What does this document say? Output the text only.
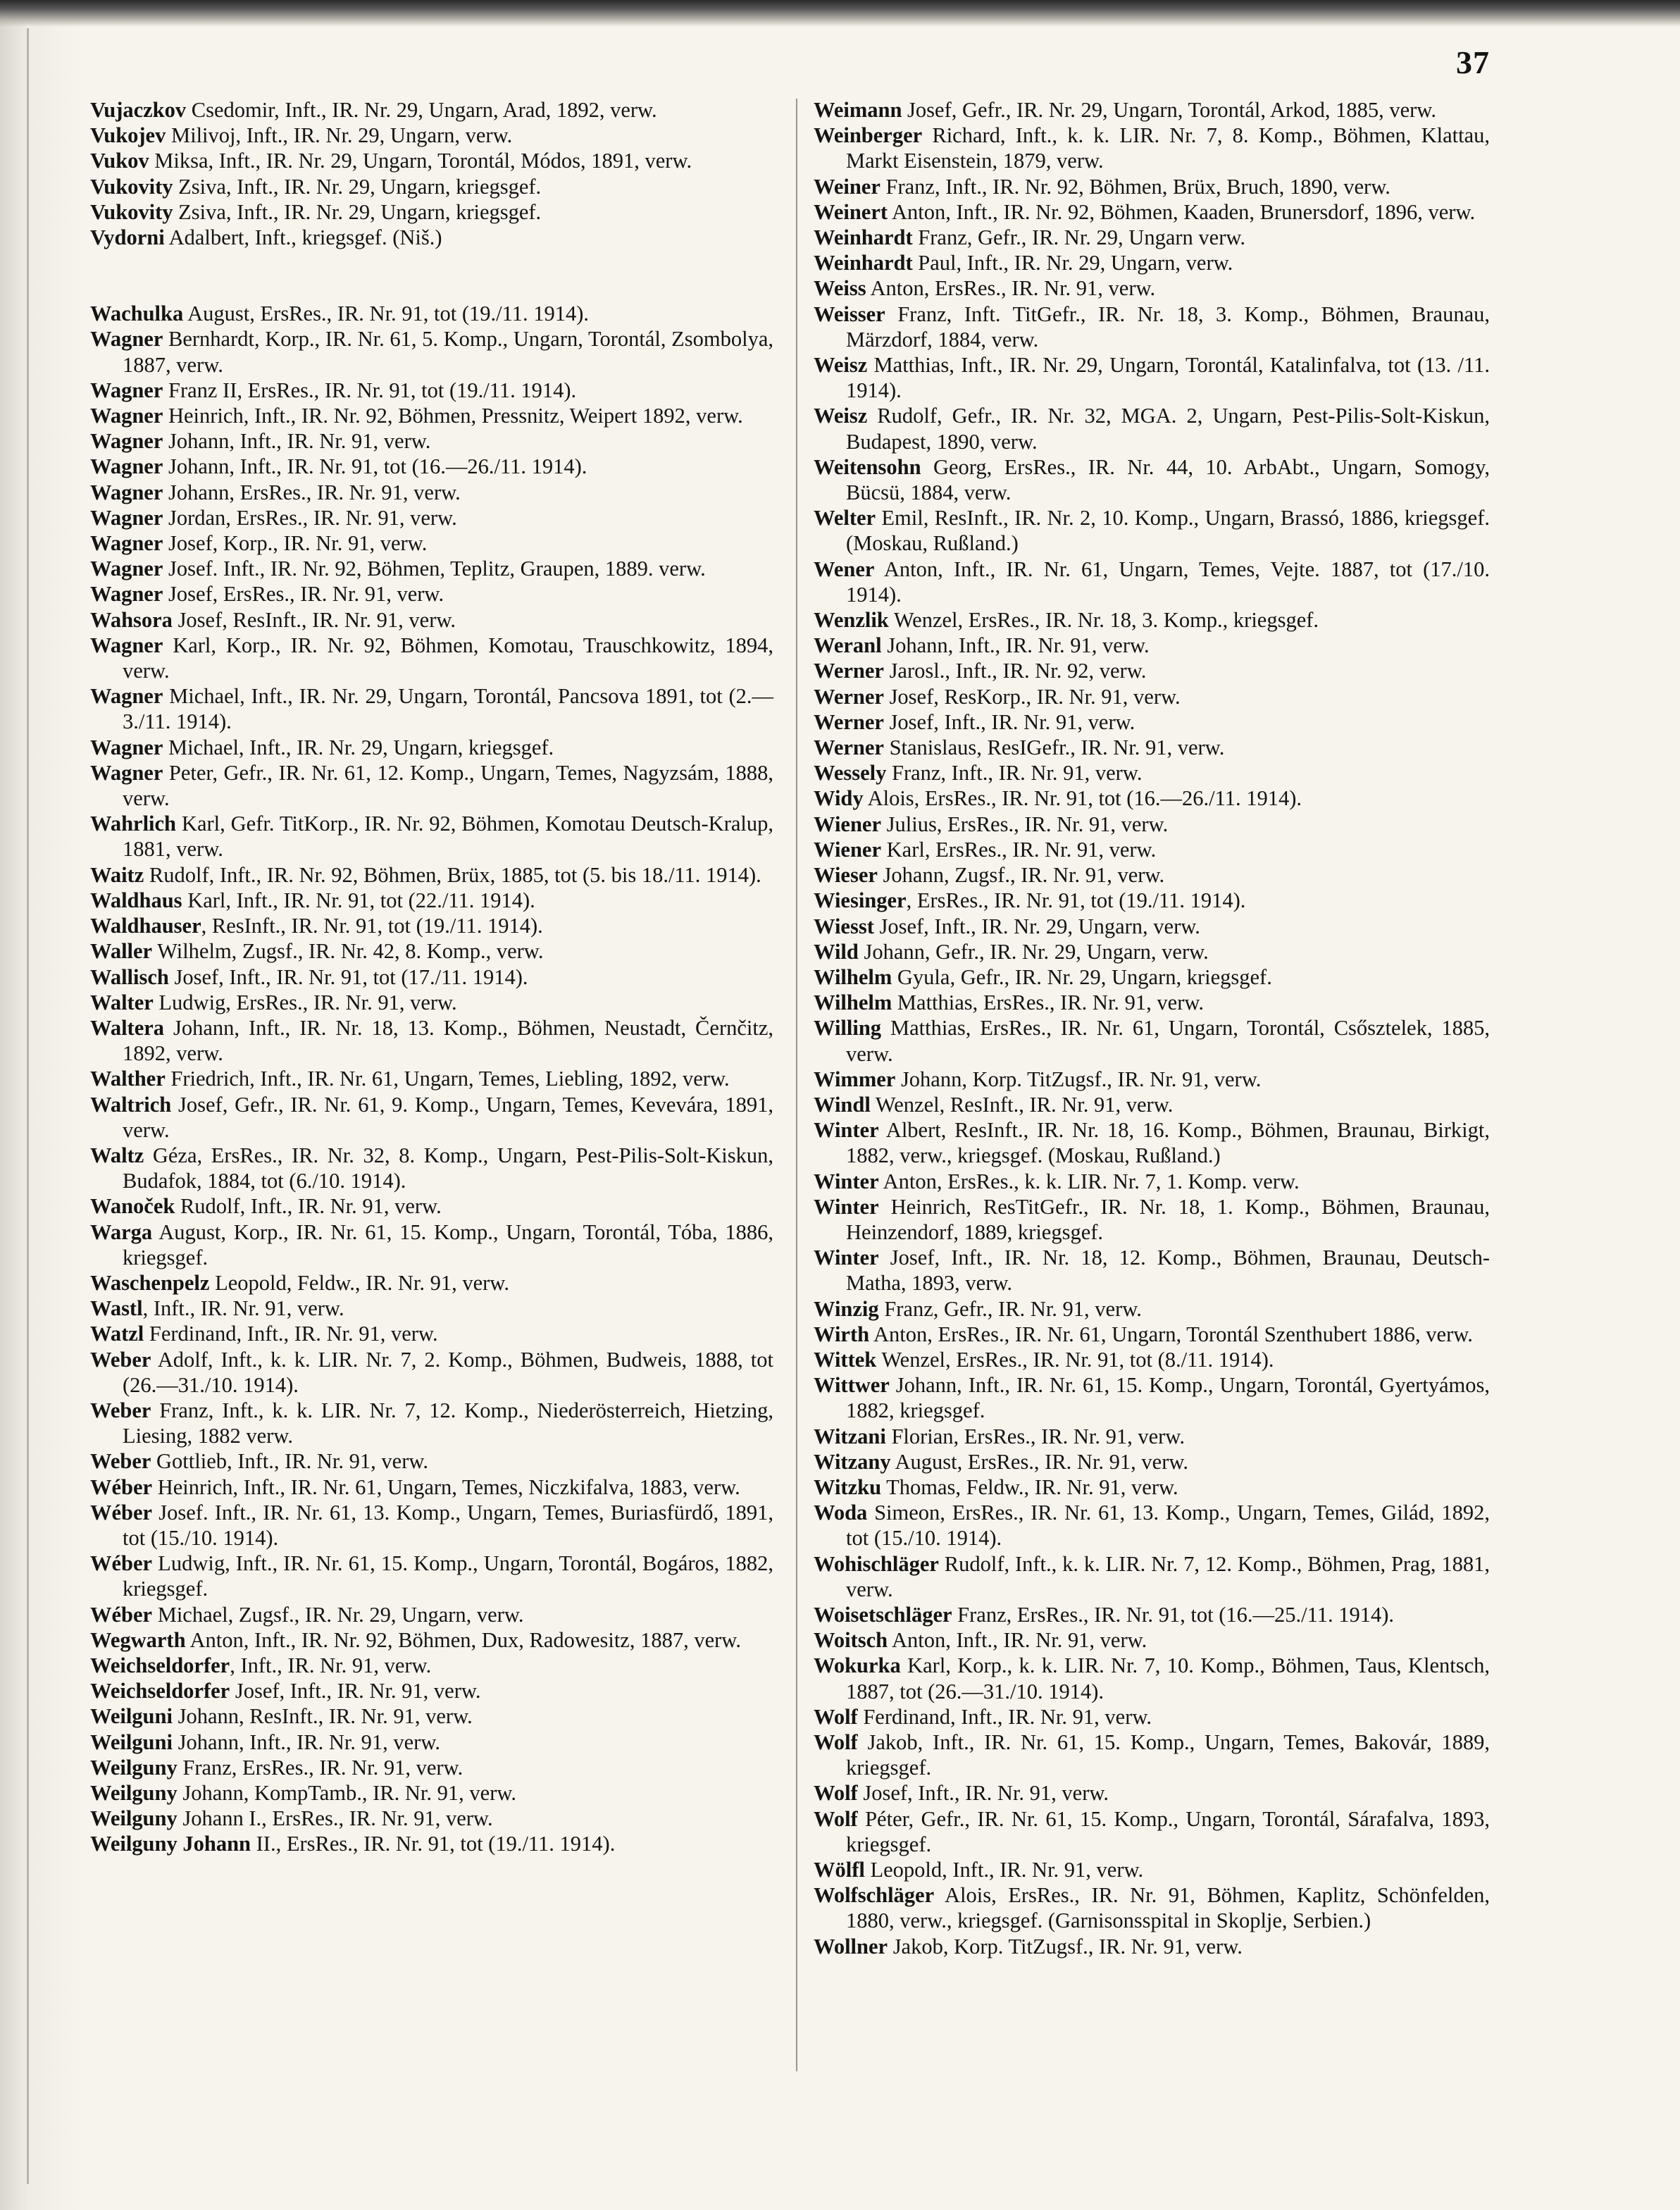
37

Vujaczkov Csedomir, Inft., IR. Nr. 29, Ungarn, Arad, 1892, verw.

Vukojev Milivoj, Inft., IR. Nr. 29, Ungarn, verw.

Vukov Miksa, Inft., IR. Nr. 29, Ungarn, Torontál, Módos, 1891, verw.

Vukovity Zsiva, Inft., IR. Nr. 29, Ungarn, kriegsgef.

Vukovity Zsiva, Inft., IR. Nr. 29, Ungarn, kriegsgef.

Vydorni Adalbert, Inft., kriegsgef. (Niš.)

Wachulka August, ErsRes., IR. Nr. 91, tot (19./11. 1914).

Wagner Bernhardt, Korp., IR. Nr. 61, 5. Komp., Ungarn, Torontál, Zsombolya, 1887, verw.

Wagner Franz II, ErsRes., IR. Nr. 91, tot (19./11. 1914).

Wagner Heinrich, Inft., IR. Nr. 92, Böhmen, Pressnitz, Weipert 1892, verw.

Wagner Johann, Inft., IR. Nr. 91, verw.

Wagner Johann, Inft., IR. Nr. 91, tot (16.—26./11. 1914).

Wagner Johann, ErsRes., IR. Nr. 91, verw.

Wagner Jordan, ErsRes., IR. Nr. 91, verw.

Wagner Josef, Korp., IR. Nr. 91, verw.

Wagner Josef. Inft., IR. Nr. 92, Böhmen, Teplitz, Graupen, 1889. verw.

Wagner Josef, ErsRes., IR. Nr. 91, verw.

Wahsora Josef, ResInft., IR. Nr. 91, verw.

Wagner Karl, Korp., IR. Nr. 92, Böhmen, Komotau, Trauschkowitz, 1894, verw.

Wagner Michael, Inft., IR. Nr. 29, Ungarn, Torontál, Pancsova 1891, tot (2.—3./11. 1914).

Wagner Michael, Inft., IR. Nr. 29, Ungarn, kriegsgef.

Wagner Peter, Gefr., IR. Nr. 61, 12. Komp., Ungarn, Temes, Nagyzsám, 1888, verw.

Wahrlich Karl, Gefr. TitKorp., IR. Nr. 92, Böhmen, Komotau Deutsch-Kralup, 1881, verw.

Waitz Rudolf, Inft., IR. Nr. 92, Böhmen, Brüx, 1885, tot (5. bis 18./11. 1914).

Waldhaus Karl, Inft., IR. Nr. 91, tot (22./11. 1914).

Waldhauser, ResInft., IR. Nr. 91, tot (19./11. 1914).

Waller Wilhelm, Zugsf., IR. Nr. 42, 8. Komp., verw.

Wallisch Josef, Inft., IR. Nr. 91, tot (17./11. 1914).

Walter Ludwig, ErsRes., IR. Nr. 91, verw.

Waltera Johann, Inft., IR. Nr. 18, 13. Komp., Böhmen, Neustadt, Černčitz, 1892, verw.

Walther Friedrich, Inft., IR. Nr. 61, Ungarn, Temes, Liebling, 1892, verw.

Waltrich Josef, Gefr., IR. Nr. 61, 9. Komp., Ungarn, Temes, Kevevára, 1891, verw.

Waltz Géza, ErsRes., IR. Nr. 32, 8. Komp., Ungarn, Pest-Pilis-Solt-Kiskun, Budafok, 1884, tot (6./10. 1914).

Wanoček Rudolf, Inft., IR. Nr. 91, verw.

Warga August, Korp., IR. Nr. 61, 15. Komp., Ungarn, Torontál, Tóba, 1886, kriegsgef.

Waschenpelz Leopold, Feldw., IR. Nr. 91, verw.

Wastl, Inft., IR. Nr. 91, verw.

Watzl Ferdinand, Inft., IR. Nr. 91, verw.

Weber Adolf, Inft., k. k. LIR. Nr. 7, 2. Komp., Böhmen, Budweis, 1888, tot (26.—31./10. 1914).

Weber Franz, Inft., k. k. LIR. Nr. 7, 12. Komp., Niederösterreich, Hietzing, Liesing, 1882 verw.

Weber Gottlieb, Inft., IR. Nr. 91, verw.

Wéber Heinrich, Inft., IR. Nr. 61, Ungarn, Temes, Niczkifalva, 1883, verw.

Wéber Josef. Inft., IR. Nr. 61, 13. Komp., Ungarn, Temes, Buriasfürdő, 1891, tot (15./10. 1914).

Wéber Ludwig, Inft., IR. Nr. 61, 15. Komp., Ungarn, Torontál, Bogáros, 1882, kriegsgef.

Wéber Michael, Zugsf., IR. Nr. 29, Ungarn, verw.

Wegwarth Anton, Inft., IR. Nr. 92, Böhmen, Dux, Radowesitz, 1887, verw.

Weichseldorfer, Inft., IR. Nr. 91, verw.

Weichseldorfer Josef, Inft., IR. Nr. 91, verw.

Weilguni Johann, ResInft., IR. Nr. 91, verw.

Weilguni Johann, Inft., IR. Nr. 91, verw.

Weilguny Franz, ErsRes., IR. Nr. 91, verw.

Weilguny Johann, KompTamb., IR. Nr. 91, verw.

Weilguny Johann I., ErsRes., IR. Nr. 91, verw.

Weilguny Johann II., ErsRes., IR. Nr. 91, tot (19./11. 1914).

Weimann Josef, Gefr., IR. Nr. 29, Ungarn, Torontál, Arkod, 1885, verw.

Weinberger Richard, Inft., k. k. LIR. Nr. 7, 8. Komp., Böhmen, Klattau, Markt Eisenstein, 1879, verw.

Weiner Franz, Inft., IR. Nr. 92, Böhmen, Brüx, Bruch, 1890, verw.

Weinert Anton, Inft., IR. Nr. 92, Böhmen, Kaaden, Brunersdorf, 1896, verw.

Weinhardt Franz, Gefr., IR. Nr. 29, Ungarn verw.

Weinhardt Paul, Inft., IR. Nr. 29, Ungarn, verw.

Weiss Anton, ErsRes., IR. Nr. 91, verw.

Weisser Franz, Inft. TitGefr., IR. Nr. 18, 3. Komp., Böhmen, Braunau, Märzdorf, 1884, verw.

Weisz Matthias, Inft., IR. Nr. 29, Ungarn, Torontál, Katalinfalva, tot (13. /11. 1914).

Weisz Rudolf, Gefr., IR. Nr. 32, MGA. 2, Ungarn, Pest-Pilis-Solt-Kiskun, Budapest, 1890, verw.

Weitensohn Georg, ErsRes., IR. Nr. 44, 10. ArbAbt., Ungarn, Somogy, Bücsü, 1884, verw.

Welter Emil, ResInft., IR. Nr. 2, 10. Komp., Ungarn, Brassó, 1886, kriegsgef. (Moskau, Rußland.)

Wener Anton, Inft., IR. Nr. 61, Ungarn, Temes, Vejte. 1887, tot (17./10. 1914).

Wenzlik Wenzel, ErsRes., IR. Nr. 18, 3. Komp., kriegsgef.

Weranl Johann, Inft., IR. Nr. 91, verw.

Werner Jarosl., Inft., IR. Nr. 92, verw.

Werner Josef, ResKorp., IR. Nr. 91, verw.

Werner Josef, Inft., IR. Nr. 91, verw.

Werner Stanislaus, ResIGefr., IR. Nr. 91, verw.

Wessely Franz, Inft., IR. Nr. 91, verw.

Widy Alois, ErsRes., IR. Nr. 91, tot (16.—26./11. 1914).

Wiener Julius, ErsRes., IR. Nr. 91, verw.

Wiener Karl, ErsRes., IR. Nr. 91, verw.

Wieser Johann, Zugsf., IR. Nr. 91, verw.

Wiesinger, ErsRes., IR. Nr. 91, tot (19./11. 1914).

Wiesst Josef, Inft., IR. Nr. 29, Ungarn, verw.

Wild Johann, Gefr., IR. Nr. 29, Ungarn, verw.

Wilhelm Gyula, Gefr., IR. Nr. 29, Ungarn, kriegsgef.

Wilhelm Matthias, ErsRes., IR. Nr. 91, verw.

Willing Matthias, ErsRes., IR. Nr. 61, Ungarn, Torontál, Csősztelek, 1885, verw.

Wimmer Johann, Korp. TitZugsf., IR. Nr. 91, verw.

Windl Wenzel, ResInft., IR. Nr. 91, verw.

Winter Albert, ResInft., IR. Nr. 18, 16. Komp., Böhmen, Braunau, Birkigt, 1882, verw., kriegsgef. (Moskau, Rußland.)

Winter Anton, ErsRes., k. k. LIR. Nr. 7, 1. Komp. verw.

Winter Heinrich, ResTitGefr., IR. Nr. 18, 1. Komp., Böhmen, Braunau, Heinzendorf, 1889, kriegsgef.

Winter Josef, Inft., IR. Nr. 18, 12. Komp., Böhmen, Braunau, Deutsch-Matha, 1893, verw.

Winzig Franz, Gefr., IR. Nr. 91, verw.

Wirth Anton, ErsRes., IR. Nr. 61, Ungarn, Torontál Szenthubert 1886, verw.

Wittek Wenzel, ErsRes., IR. Nr. 91, tot (8./11. 1914).

Wittwer Johann, Inft., IR. Nr. 61, 15. Komp., Ungarn, Torontál, Gyertyámos, 1882, kriegsgef.

Witzani Florian, ErsRes., IR. Nr. 91, verw.

Witzany August, ErsRes., IR. Nr. 91, verw.

Witzku Thomas, Feldw., IR. Nr. 91, verw.

Woda Simeon, ErsRes., IR. Nr. 61, 13. Komp., Ungarn, Temes, Gilád, 1892, tot (15./10. 1914).

Wohischläger Rudolf, Inft., k. k. LIR. Nr. 7, 12. Komp., Böhmen, Prag, 1881, verw.

Woisetschläger Franz, ErsRes., IR. Nr. 91, tot (16.—25./11. 1914).

Woitsch Anton, Inft., IR. Nr. 91, verw.

Wokurka Karl, Korp., k. k. LIR. Nr. 7, 10. Komp., Böhmen, Taus, Klentsch, 1887, tot (26.—31./10. 1914).

Wolf Ferdinand, Inft., IR. Nr. 91, verw.

Wolf Jakob, Inft., IR. Nr. 61, 15. Komp., Ungarn, Temes, Bakovár, 1889, kriegsgef.

Wolf Josef, Inft., IR. Nr. 91, verw.

Wolf Péter, Gefr., IR. Nr. 61, 15. Komp., Ungarn, Torontál, Sárafalva, 1893, kriegsgef.

Wölfl Leopold, Inft., IR. Nr. 91, verw.

Wolfschläger Alois, ErsRes., IR. Nr. 91, Böhmen, Kaplitz, Schönfelden, 1880, verw., kriegsgef. (Garnisonsspital in Skoplje, Serbien.)

Wollner Jakob, Korp. TitZugsf., IR. Nr. 91, verw.
